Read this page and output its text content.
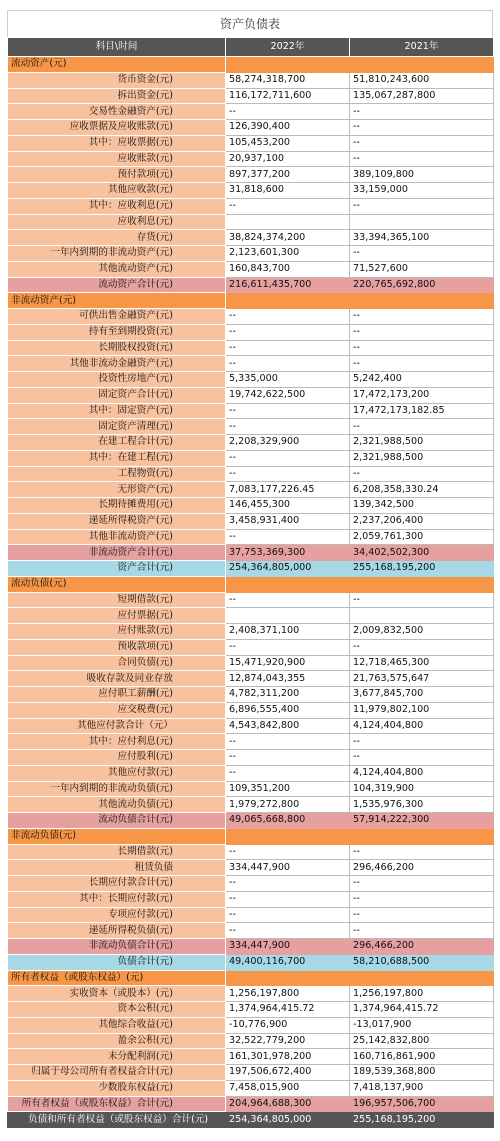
资产负债表
科目\时间	2022年	2021年
流动资产(元)		
货币资金(元)	58,274,318,700	51,810,243,600
拆出资金(元)	116,172,711,600	135,067,287,800
交易性金融资产(元)	--	--
应收票据及应收账款(元)	126,390,400	--
其中：应收票据(元)	105,453,200	--
应收账款(元)	20,937,100	--
预付款项(元)	897,377,200	389,109,800
其他应收款(元)	31,818,600	33,159,000
其中：应收利息(元)	--	--
应收利息(元)		
存货(元)	38,824,374,200	33,394,365,100
一年内到期的非流动资产(元)	2,123,601,300	--
其他流动资产(元)	160,843,700	71,527,600
流动资产合计(元)	216,611,435,700	220,765,692,800
非流动资产(元)		
可供出售金融资产(元)	--	--
持有至到期投资(元)	--	--
长期股权投资(元)	--	--
其他非流动金融资产(元)	--	--
投资性房地产(元)	5,335,000	5,242,400
固定资产合计(元)	19,742,622,500	17,472,173,200
其中：固定资产(元)	--	17,472,173,182.85
固定资产清理(元)	--	--
在建工程合计(元)	2,208,329,900	2,321,988,500
其中：在建工程(元)	--	2,321,988,500
工程物资(元)	--	--
无形资产(元)	7,083,177,226.45	6,208,358,330.24
长期待摊费用(元)	146,455,300	139,342,500
递延所得税资产(元)	3,458,931,400	2,237,206,400
其他非流动资产(元)	--	2,059,761,300
非流动资产合计(元)	37,753,369,300	34,402,502,300
资产合计(元)	254,364,805,000	255,168,195,200
流动负债(元)		
短期借款(元)	--	--
应付票据(元)		
应付账款(元)	2,408,371,100	2,009,832,500
预收款项(元)	--	--
合同负债(元)	15,471,920,900	12,718,465,300
吸收存款及同业存放	12,874,043,355	21,763,575,647
应付职工薪酬(元)	4,782,311,200	3,677,845,700
应交税费(元)	6,896,555,400	11,979,802,100
其他应付款合计（元）	4,543,842,800	4,124,404,800
其中：应付利息(元)	--	--
应付股利(元)	--	--
其他应付款(元)	--	4,124,404,800
一年内到期的非流动负债(元)	109,351,200	104,319,900
其他流动负债(元)	1,979,272,800	1,535,976,300
流动负债合计(元)	49,065,668,800	57,914,222,300
非流动负债(元)		
长期借款(元)	--	--
租赁负债	334,447,900	296,466,200
长期应付款合计(元)	--	--
其中：长期应付款(元)	--	--
专项应付款(元)	--	--
递延所得税负债(元)	--	--
非流动负债合计(元)	334,447,900	296,466,200
负债合计(元)	49,400,116,700	58,210,688,500
所有者权益（或股东权益）(元)		
实收资本（或股本）(元)	1,256,197,800	1,256,197,800
资本公积(元)	1,374,964,415.72	1,374,964,415.72
其他综合收益(元)	-10,776,900	-13,017,900
盈余公积(元)	32,522,779,200	25,142,832,800
未分配利润(元)	161,301,978,200	160,716,861,900
归属于母公司所有者权益合计(元)	197,506,672,400	189,539,368,800
少数股东权益(元)	7,458,015,900	7,418,137,900
所有者权益（或股东权益）合计(元)	204,964,688,300	196,957,506,700
负债和所有者权益（或股东权益）合计(元)	254,364,805,000	255,168,195,200
